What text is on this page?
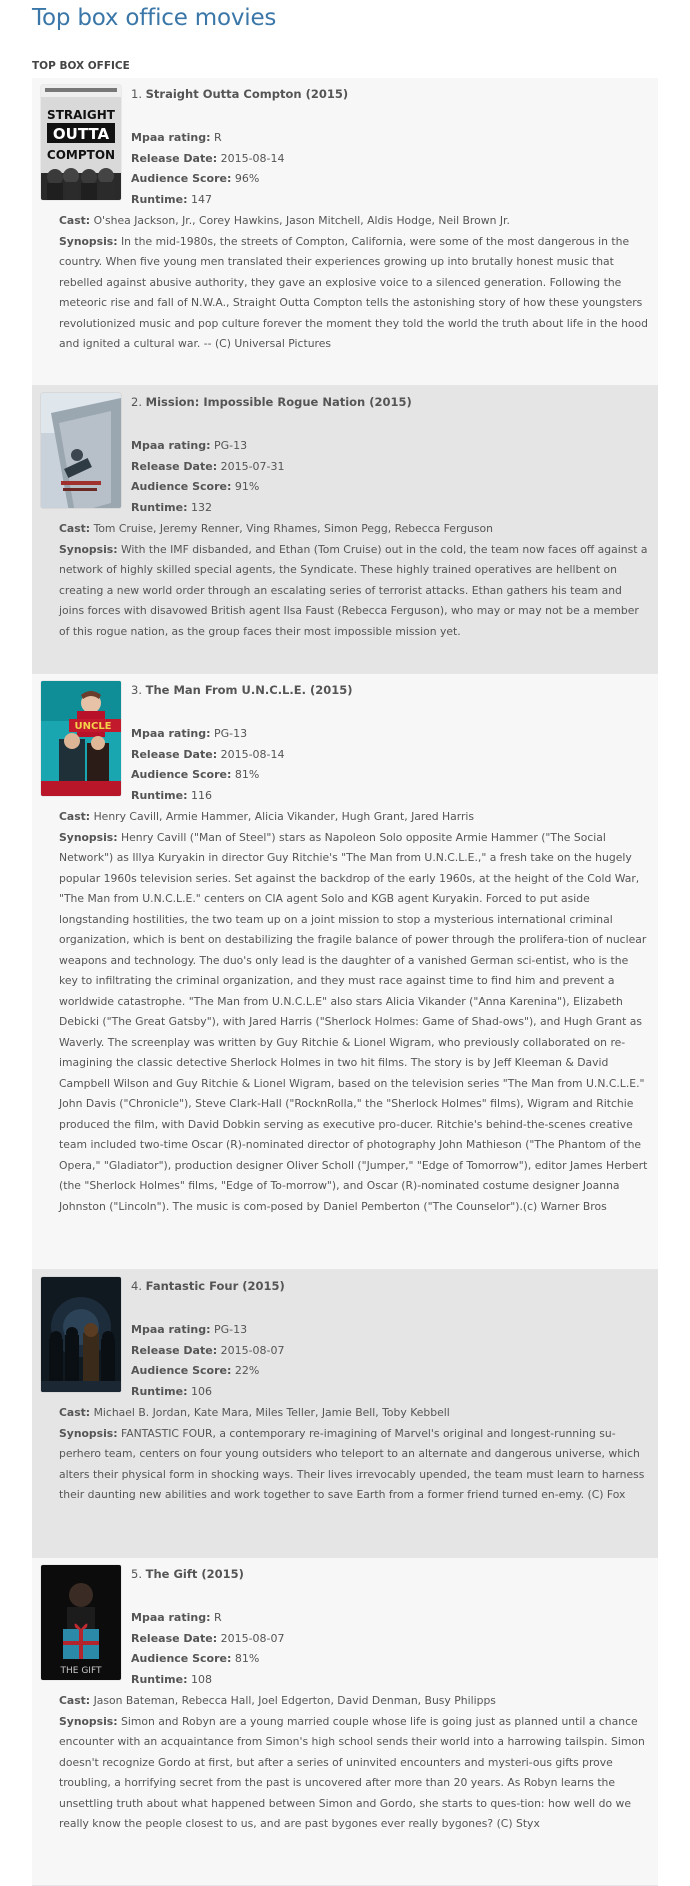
Top box office movies
TOP BOX OFFICE
STRAIGHT
OUTTA
COMPTON
1. Straight Outta Compton (2015)
Mpaa rating: R
Release Date: 2015-08-14
Audience Score: 96%
Runtime: 147
Cast: O'shea Jackson, Jr., Corey Hawkins, Jason Mitchell, Aldis Hodge, Neil Brown Jr.
Synopsis: In the mid-1980s, the streets of Compton, California, were some of the most dangerous in the country. When five young men translated their experiences growing up into brutally honest music that rebelled against abusive authority, they gave an explosive voice to a silenced generation. Following the meteoric rise and fall of N.W.A., Straight Outta Compton tells the astonishing story of how these youngsters revolutionized music and pop culture forever the moment they told the world the truth about life in the hood and ignited a cultural war. -- (C) Universal Pictures
2. Mission: Impossible Rogue Nation (2015)
Mpaa rating: PG-13
Release Date: 2015-07-31
Audience Score: 91%
Runtime: 132
Cast: Tom Cruise, Jeremy Renner, Ving Rhames, Simon Pegg, Rebecca Ferguson
Synopsis: With the IMF disbanded, and Ethan (Tom Cruise) out in the cold, the team now faces off against a network of highly skilled special agents, the Syndicate. These highly trained operatives are hellbent on creating a new world order through an escalating series of terrorist attacks. Ethan gathers his team and joins forces with disavowed British agent Ilsa Faust (Rebecca Ferguson), who may or may not be a member of this rogue nation, as the group faces their most impossible mission yet.
UNCLE
3. The Man From U.N.C.L.E. (2015)
Mpaa rating: PG-13
Release Date: 2015-08-14
Audience Score: 81%
Runtime: 116
Cast: Henry Cavill, Armie Hammer, Alicia Vikander, Hugh Grant, Jared Harris
Synopsis: Henry Cavill ("Man of Steel") stars as Napoleon Solo opposite Armie Hammer ("The Social Network") as Illya Kuryakin in director Guy Ritchie's "The Man from U.N.C.L.E.," a fresh take on the hugely popular 1960s television series. Set against the backdrop of the early 1960s, at the height of the Cold War, "The Man from U.N.C.L.E." centers on CIA agent Solo and KGB agent Kuryakin. Forced to put aside longstanding hostilities, the two team up on a joint mission to stop a mysterious international criminal organization, which is bent on destabilizing the fragile balance of power through the prolifera-tion of nuclear weapons and technology. The duo's only lead is the daughter of a vanished German sci-entist, who is the key to infiltrating the criminal organization, and they must race against time to find him and prevent a worldwide catastrophe. "The Man from U.N.C.L.E" also stars Alicia Vikander ("Anna Karenina"), Elizabeth Debicki ("The Great Gatsby"), with Jared Harris ("Sherlock Holmes: Game of Shad-ows"), and Hugh Grant as Waverly. The screenplay was written by Guy Ritchie & Lionel Wigram, who previously collaborated on re-imagining the classic detective Sherlock Holmes in two hit films. The story is by Jeff Kleeman & David Campbell Wilson and Guy Ritchie & Lionel Wigram, based on the television series "The Man from U.N.C.L.E." John Davis ("Chronicle"), Steve Clark-Hall ("RocknRolla," the "Sherlock Holmes" films), Wigram and Ritchie produced the film, with David Dobkin serving as executive pro-ducer. Ritchie's behind-the-scenes creative team included two-time Oscar (R)-nominated director of photography John Mathieson ("The Phantom of the Opera," "Gladiator"), production designer Oliver Scholl ("Jumper," "Edge of Tomorrow"), editor James Herbert (the "Sherlock Holmes" films, "Edge of To-morrow"), and Oscar (R)-nominated costume designer Joanna Johnston ("Lincoln"). The music is com-posed by Daniel Pemberton ("The Counselor").(c) Warner Bros
4. Fantastic Four (2015)
Mpaa rating: PG-13
Release Date: 2015-08-07
Audience Score: 22%
Runtime: 106
Cast: Michael B. Jordan, Kate Mara, Miles Teller, Jamie Bell, Toby Kebbell
Synopsis: FANTASTIC FOUR, a contemporary re-imagining of Marvel's original and longest-running su-perhero team, centers on four young outsiders who teleport to an alternate and dangerous universe, which alters their physical form in shocking ways. Their lives irrevocably upended, the team must learn to harness their daunting new abilities and work together to save Earth from a former friend turned en-emy. (C) Fox
THE GIFT
5. The Gift (2015)
Mpaa rating: R
Release Date: 2015-08-07
Audience Score: 81%
Runtime: 108
Cast: Jason Bateman, Rebecca Hall, Joel Edgerton, David Denman, Busy Philipps
Synopsis: Simon and Robyn are a young married couple whose life is going just as planned until a chance encounter with an acquaintance from Simon's high school sends their world into a harrowing tailspin. Simon doesn't recognize Gordo at first, but after a series of uninvited encounters and mysteri-ous gifts prove troubling, a horrifying secret from the past is uncovered after more than 20 years. As Robyn learns the unsettling truth about what happened between Simon and Gordo, she starts to ques-tion: how well do we really know the people closest to us, and are past bygones ever really bygones? (C) Styx
